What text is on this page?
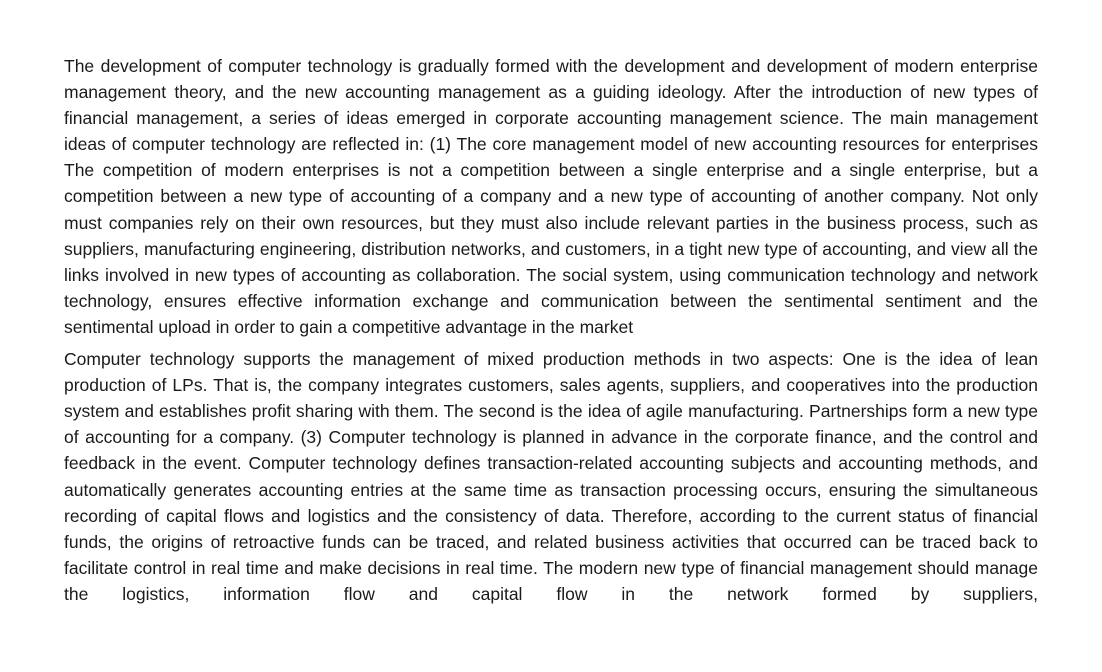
The development of computer technology is gradually formed with the development and development of modern enterprise management theory, and the new accounting management as a guiding ideology. After the introduction of new types of financial management, a series of ideas emerged in corporate accounting management science. The main management ideas of computer technology are reflected in: (1) The core management model of new accounting resources for enterprises The competition of modern enterprises is not a competition between a single enterprise and a single enterprise, but a competition between a new type of accounting of a company and a new type of accounting of another company. Not only must companies rely on their own resources, but they must also include relevant parties in the business process, such as suppliers, manufacturing engineering, distribution networks, and customers, in a tight new type of accounting, and view all the links involved in new types of accounting as collaboration. The social system, using communication technology and network technology, ensures effective information exchange and communication between the sentimental sentiment and the sentimental upload in order to gain a competitive advantage in the market

Computer technology supports the management of mixed production methods in two aspects: One is the idea of lean production of LPs. That is, the company integrates customers, sales agents, suppliers, and cooperatives into the production system and establishes profit sharing with them. The second is the idea of agile manufacturing. Partnerships form a new type of accounting for a company. (3) Computer technology is planned in advance in the corporate finance, and the control and feedback in the event. Computer technology defines transaction-related accounting subjects and accounting methods, and automatically generates accounting entries at the same time as transaction processing occurs, ensuring the simultaneous recording of capital flows and logistics and the consistency of data. Therefore, according to the current status of financial funds, the origins of retroactive funds can be traced, and related business activities that occurred can be traced back to facilitate control in real time and make decisions in real time. The modern new type of financial management should manage the logistics, information flow and capital flow in the network formed by suppliers,
